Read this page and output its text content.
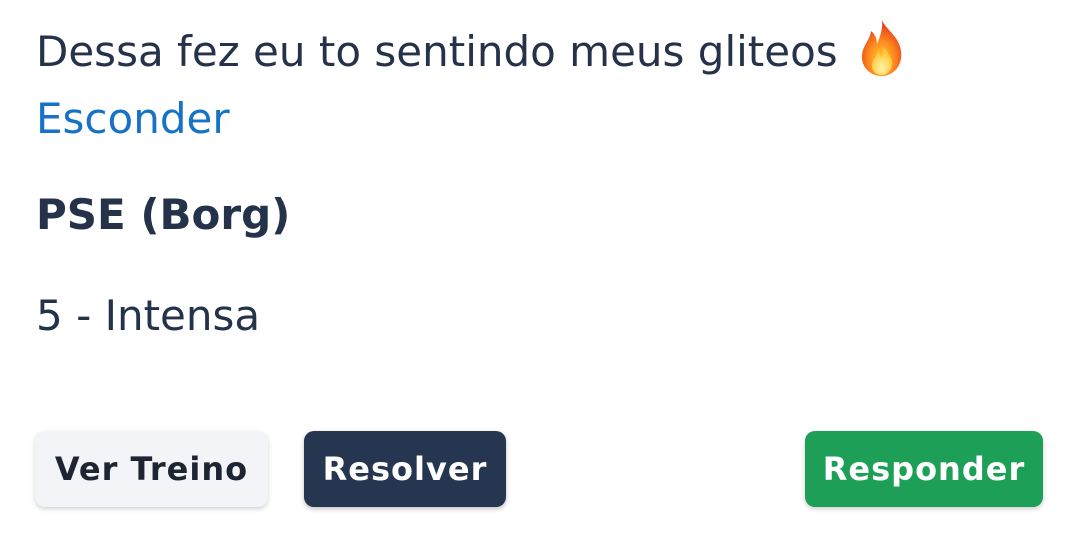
Dessa fez eu to sentindo meus gliteos
Esconder
PSE (Borg)
5 - Intensa
Ver Treino	Resolver	Responder
